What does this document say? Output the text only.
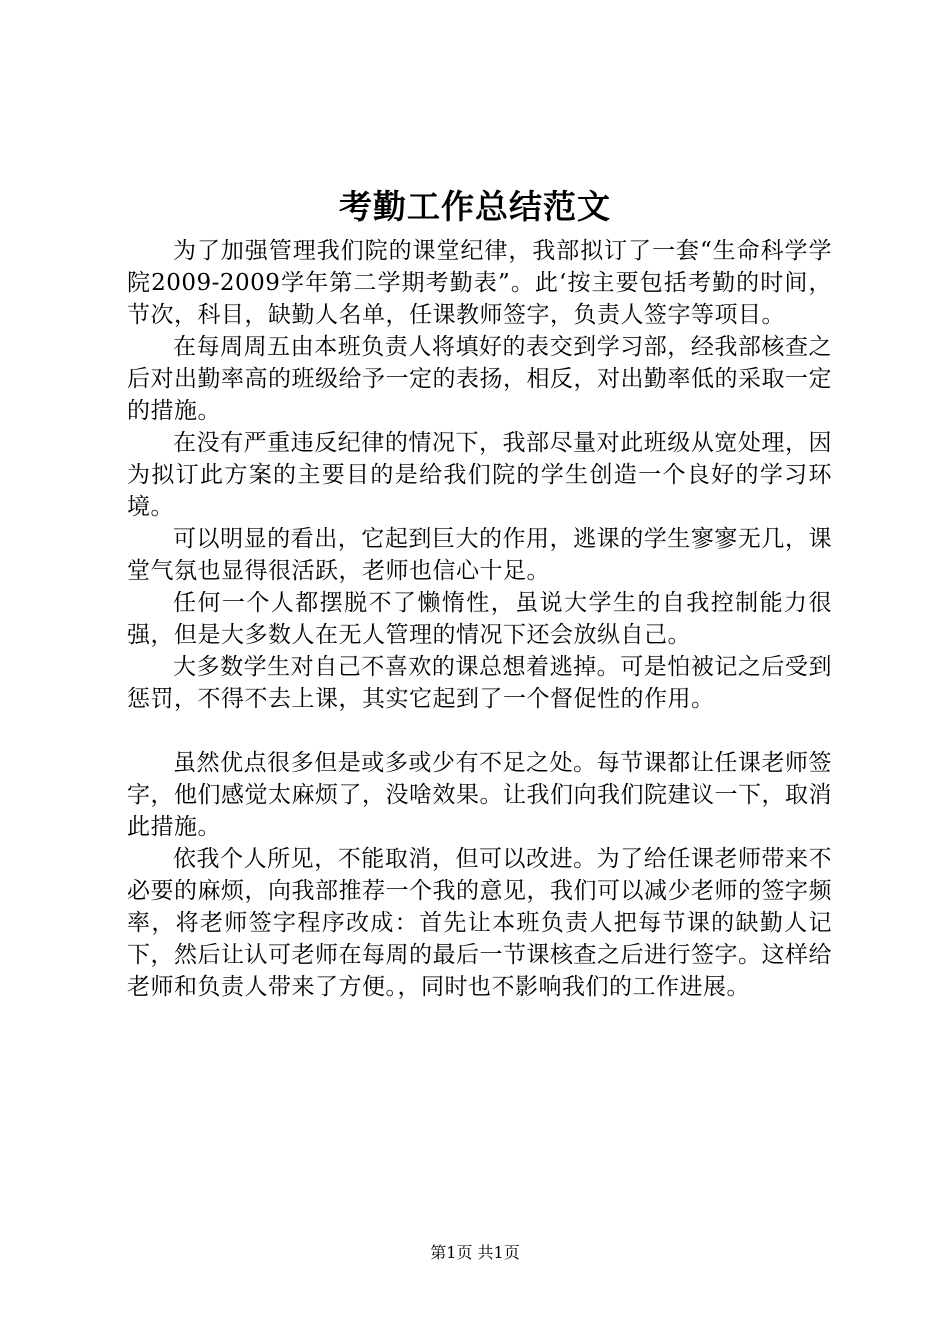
考勤工作总结范文

为了加强管理我们院的课堂纪律，我部拟订了一套“生命科学学院2009-2009学年第二学期考勤表”。此‘按主要包括考勤的时间，节次，科目，缺勤人名单，任课教师签字，负责人签字等项目。

在每周周五由本班负责人将填好的表交到学习部，经我部核查之后对出勤率高的班级给予一定的表扬，相反，对出勤率低的采取一定的措施。

在没有严重违反纪律的情况下，我部尽量对此班级从宽处理，因为拟订此方案的主要目的是给我们院的学生创造一个良好的学习环境。

可以明显的看出，它起到巨大的作用，逃课的学生寥寥无几，课堂气氛也显得很活跃，老师也信心十足。

任何一个人都摆脱不了懒惰性，虽说大学生的自我控制能力很强，但是大多数人在无人管理的情况下还会放纵自己。

大多数学生对自己不喜欢的课总想着逃掉。可是怕被记之后受到惩罚，不得不去上课，其实它起到了一个督促性的作用。

虽然优点很多但是或多或少有不足之处。每节课都让任课老师签字，他们感觉太麻烦了，没啥效果。让我们向我们院建议一下，取消此措施。

依我个人所见，不能取消，但可以改进。为了给任课老师带来不必要的麻烦，向我部推荐一个我的意见，我们可以减少老师的签字频率，将老师签字程序改成：首先让本班负责人把每节课的缺勤人记下，然后让认可老师在每周的最后一节课核查之后进行签字。这样给老师和负责人带来了方便。，同时也不影响我们的工作进展。

第1页 共1页
